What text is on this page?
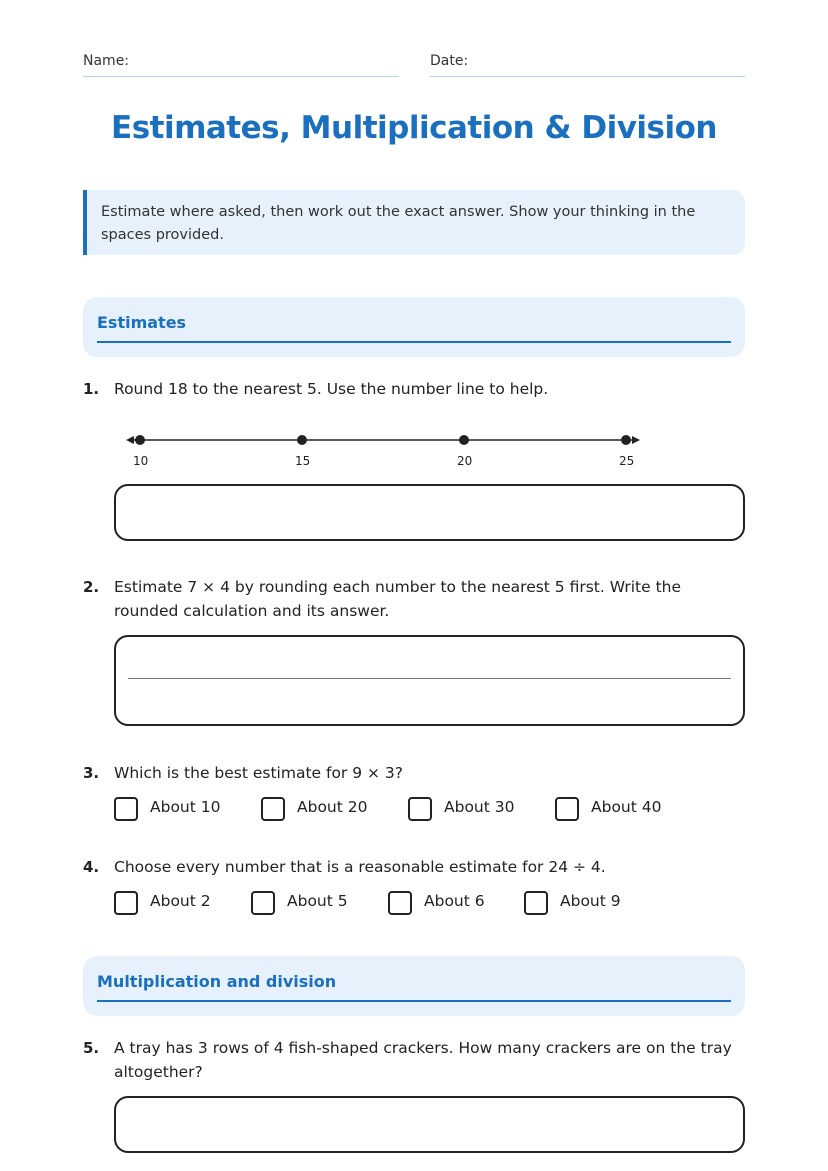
Name:	Date:
Estimates, Multiplication & Division
Estimate where asked, then work out the exact answer. Show your thinking in the spaces provided.
Estimates
1. Round 18 to the nearest 5. Use the number line to help.
10	15	20	25
2. Estimate 7 × 4 by rounding each number to the nearest 5 first. Write the rounded calculation and its answer.
3. Which is the best estimate for 9 × 3?
About 10	About 20	About 30	About 40
4. Choose every number that is a reasonable estimate for 24 ÷ 4.
About 2	About 5	About 6	About 9
Multiplication and division
5. A tray has 3 rows of 4 fish-shaped crackers. How many crackers are on the tray altogether?
